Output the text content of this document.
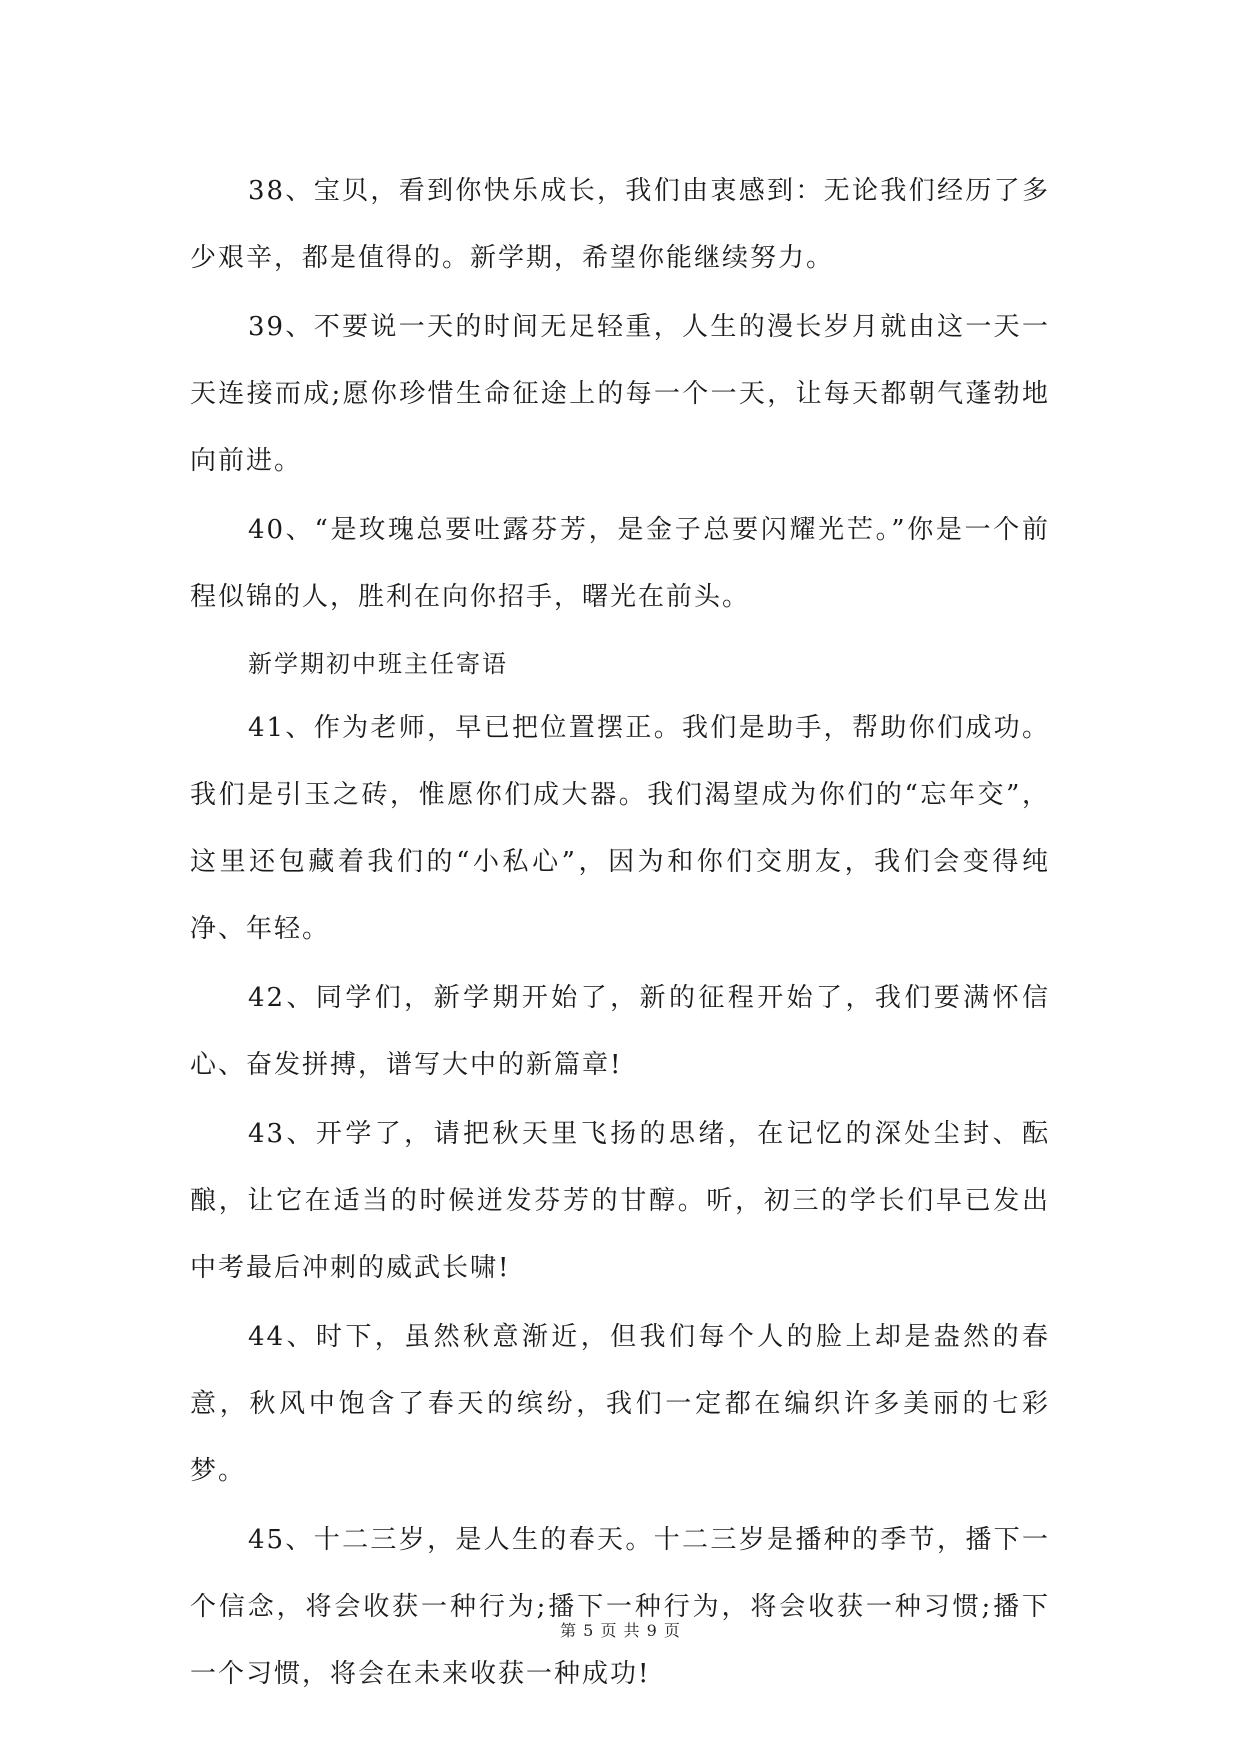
38、宝贝，看到你快乐成长，我们由衷感到：无论我们经历了多少艰辛，都是值得的。新学期，希望你能继续努力。

39、不要说一天的时间无足轻重，人生的漫长岁月就由这一天一天连接而成;愿你珍惜生命征途上的每一个一天，让每天都朝气蓬勃地向前进。

40、“是玫瑰总要吐露芬芳，是金子总要闪耀光芒。”你是一个前程似锦的人，胜利在向你招手，曙光在前头。

新学期初中班主任寄语

41、作为老师，早已把位置摆正。我们是助手，帮助你们成功。我们是引玉之砖，惟愿你们成大器。我们渴望成为你们的“忘年交”，这里还包藏着我们的“小私心”，因为和你们交朋友，我们会变得纯净、年轻。

42、同学们，新学期开始了，新的征程开始了，我们要满怀信心、奋发拼搏，谱写大中的新篇章!

43、开学了，请把秋天里飞扬的思绪，在记忆的深处尘封、酝酿，让它在适当的时候迸发芬芳的甘醇。听，初三的学长们早已发出中考最后冲刺的威武长啸!

44、时下，虽然秋意渐近，但我们每个人的脸上却是盎然的春意，秋风中饱含了春天的缤纷，我们一定都在编织许多美丽的七彩梦。

45、十二三岁，是人生的春天。十二三岁是播种的季节，播下一个信念，将会收获一种行为;播下一种行为，将会收获一种习惯;播下一个习惯，将会在未来收获一种成功!

第 5 页 共 9 页
